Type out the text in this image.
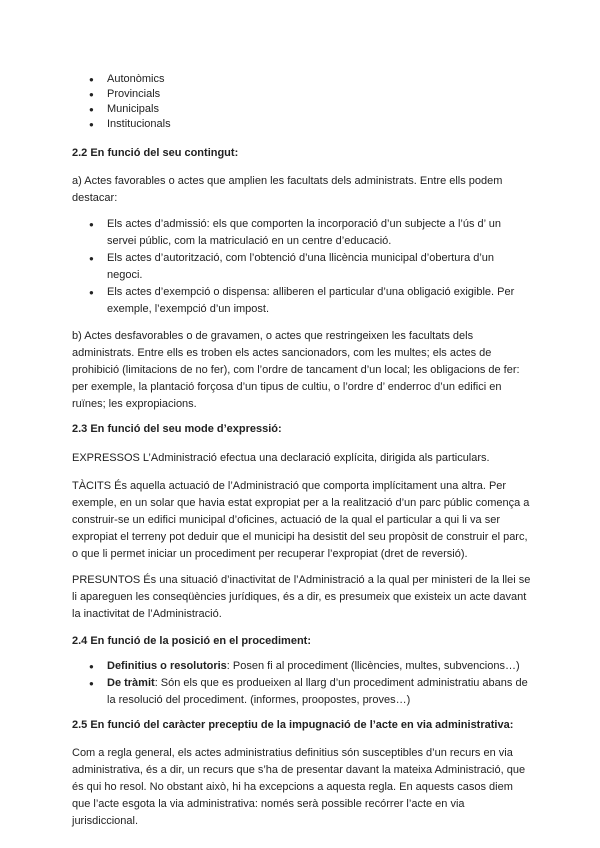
● Autonòmics
● Provincials
● Municipals
● Institucionals
2.2 En funció del seu contingut:

a) Actes favorables o actes que amplien les facultats dels administrats. Entre ells podem destacar:

● Els actes d’admissió: els que comporten la incorporació d’un subjecte a l’ús d’ un servei públic, com la matriculació en un centre d’educació.
● Els actes d’autorització, com l’obtenció d’una llicència municipal d’obertura d’un negoci.
● Els actes d’exempció o dispensa: alliberen el particular d’una obligació exigible. Per exemple, l’exempció d’un impost.

b) Actes desfavorables o de gravamen, o actes que restringeixen les facultats dels administrats. Entre ells es troben els actes sancionadors, com les multes; els actes de prohibició (limitacions de no fer), com l’ordre de tancament d’un local; les obligacions de fer: per exemple, la plantació forçosa d’un tipus de cultiu, o l’ordre d’ enderroc d’un edifici en ruïnes; les expropiacions.

2.3 En funció del seu mode d’expressió:

EXPRESSOS L’Administració efectua una declaració explícita, dirigida als particulars.

TÀCITS És aquella actuació de l’Administració que comporta implícitament una altra. Per exemple, en un solar que havia estat expropiat per a la realització d’un parc públic comença a construir-se un edifici municipal d’oficines, actuació de la qual el particular a qui li va ser expropiat el terreny pot deduir que el municipi ha desistit del seu propòsit de construir el parc, o que li permet iniciar un procediment per recuperar l’expropiat (dret de reversió).

PRESUNTOS És una situació d’inactivitat de l’Administració a la qual per ministeri de la llei se li apareguen les conseqüències jurídiques, és a dir, es presumeix que existeix un acte davant la inactivitat de l’Administració.

2.4 En funció de la posició en el procediment:
● Definitius o resolutoris: Posen fi al procediment (llicències, multes, subvencions…)
● De tràmit: Són els que es produeixen al llarg d’un procediment administratiu abans de la resolució del procediment. (informes, proopostes, proves…)
2.5 En funció del caràcter preceptiu de la impugnació de l’acte en via administrativa:

Com a regla general, els actes administratius definitius són susceptibles d’un recurs en via administrativa, és a dir, un recurs que s’ha de presentar davant la mateixa Administració, que és qui ho resol. No obstant això, hi ha excepcions a aquesta regla. En aquests casos diem que l’acte esgota la via administrativa: només serà possible recórrer l’acte en via jurisdiccional.
